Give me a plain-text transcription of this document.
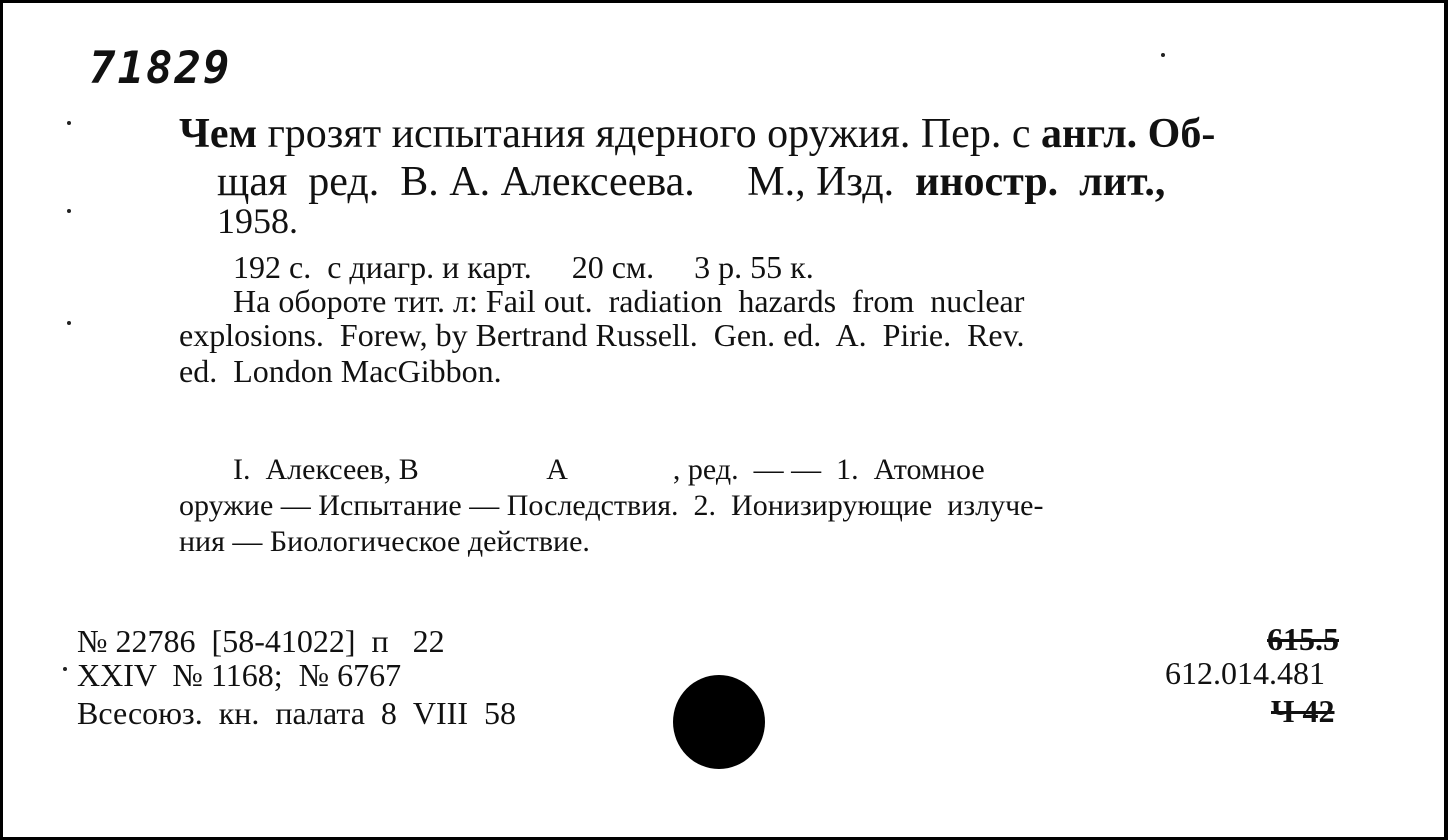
71829
Чем грозят испытания ядерного оружия. Пер. с англ. Об-
щая  ред.  В. А. Алексеева.     М., Изд.  иностр.  лит.,
1958.
192 с.  с диагр. и карт.     20 см.     3 р. 55 к.
На обороте тит. л: Fail out.  radiation  hazards  from  nuclear
explosions.  Forew, by Bertrand Russell.  Gen. ed.  A.  Pirie.  Rev.
ed.  London MacGibbon.
I.  Алексеев, В                 А              , ред.  — —  1.  Атомное
оружие — Испытание — Последствия.  2.  Ионизирующие  излуче-
ния — Биологическое действие.
№ 22786  [58-41022]  п   22
XXIV  № 1168;  № 6767
Всесоюз.  кн.  палата  8  VIII  58
615.5
612.014.481
Ч 42
